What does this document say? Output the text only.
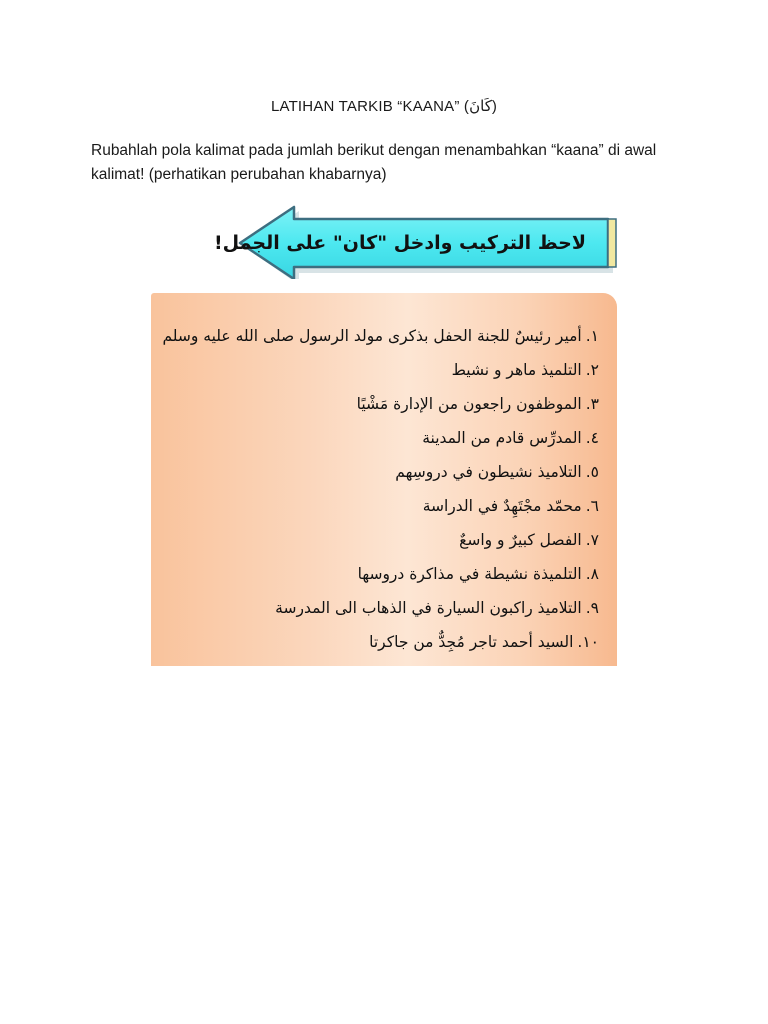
LATIHAN TARKIB “KAANA” (كَانَ)
Rubahlah pola kalimat pada jumlah berikut dengan menambahkan “kaana” di awal kalimat! (perhatikan perubahan khabarnya)
لاحظ التركيب وادخل "كان" على الجمل!
١.
أمير رئيسٌ للجنة الحفل بذكرى مولد الرسول صلى الله عليه وسلم
٢.
التلميذ ماهر و نشيط
٣.
الموظفون راجعون من الإدارة مَشْيًا
٤.
المدرِّس قادم من المدينة
٥.
التلاميذ نشيطون في دروسِهم
٦.
محمّد مجْتَهِدٌ في الدراسة
٧.
الفصل كبيرٌ و واسعٌ
٨.
التلميذة نشيطة في مذاكرة دروسها
٩.
التلاميذ راكبون السيارة في الذهاب الى المدرسة
١٠.
السيد أحمد تاجر مُجِدٌّ من جاكرتا
